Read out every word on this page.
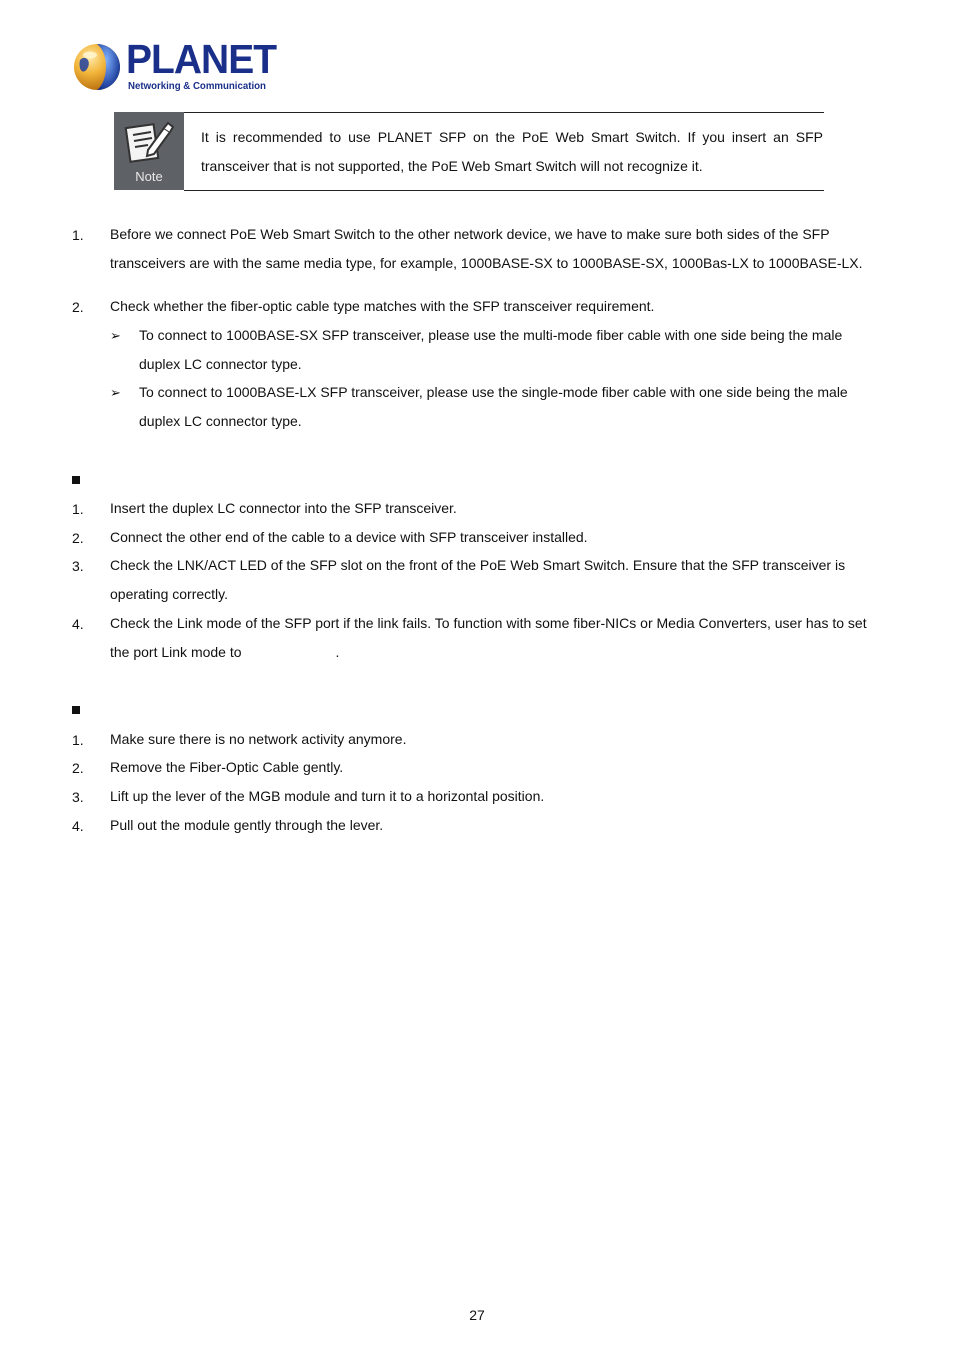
PLANET
Networking & Communication
Note
It is recommended to use PLANET SFP on the PoE Web Smart Switch. If you insert an SFP transceiver that is not supported, the PoE Web Smart Switch will not recognize it.
1. Before we connect PoE Web Smart Switch to the other network device, we have to make sure both sides of the SFP transceivers are with the same media type, for example, 1000BASE-SX to 1000BASE-SX, 1000Bas-LX to 1000BASE-LX.
2. Check whether the fiber-optic cable type matches with the SFP transceiver requirement.
➢ To connect to 1000BASE-SX SFP transceiver, please use the multi-mode fiber cable with one side being the male duplex LC connector type.
➢ To connect to 1000BASE-LX SFP transceiver, please use the single-mode fiber cable with one side being the male duplex LC connector type.
1. Insert the duplex LC connector into the SFP transceiver.
2. Connect the other end of the cable to a device with SFP transceiver installed.
3. Check the LNK/ACT LED of the SFP slot on the front of the PoE Web Smart Switch. Ensure that the SFP transceiver is operating correctly.
4. Check the Link mode of the SFP port if the link fails. To function with some fiber-NICs or Media Converters, user has to set the port Link mode to	.
1. Make sure there is no network activity anymore.
2. Remove the Fiber-Optic Cable gently.
3. Lift up the lever of the MGB module and turn it to a horizontal position.
4. Pull out the module gently through the lever.
27
